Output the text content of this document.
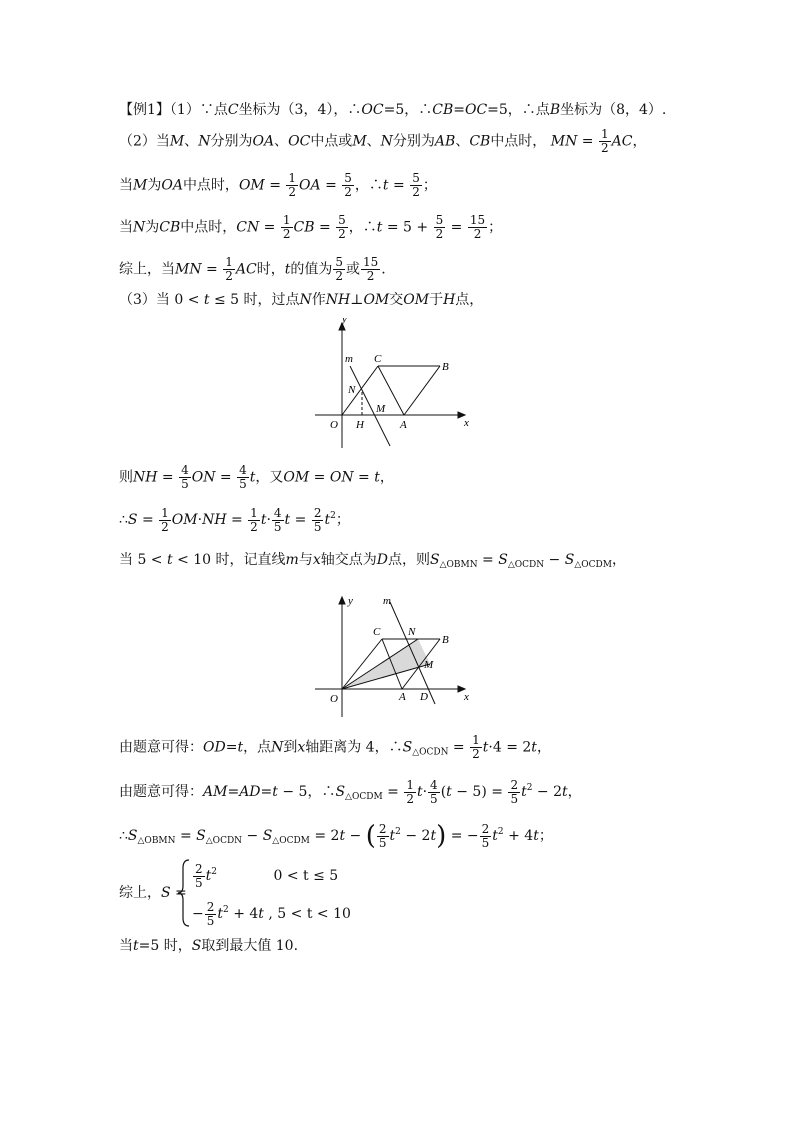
【例1】（1）∵点C坐标为（3，4），∴OC=5，∴CB=OC=5，∴点B坐标为（8，4）.
（2）当M、N分别为OA、OC中点或M、N分别为AB、CB中点时， MN = $\frac{1}{2}$ AC，
当M为OA中点时，OM = $\frac{1}{2}$ OA = $\frac{5}{2}$ ，∴t = $\frac{5}{2}$ ；
当N为CB中点时，CN = $\frac{1}{2}$ CB = $\frac{5}{2}$ ，∴t = $5 + \frac{5}{2} = \frac{15}{2}$ ；
综上，当MN = $\frac{1}{2}$ AC时，t的值为 $\frac{5}{2}$ 或 $\frac{15}{2}$ .
（3）当 0 < t ≤ 5 时，过点N作NH⊥OM交OM于H点，
y
x
m C
B
N
M
O H	A
则NH = $\frac{4}{5}$ ON = $\frac{4}{5}$ t，又OM = ON = t，
∴S = $\frac{1}{2} OM\cdot NH = \frac{1}{2} t\cdot \frac{4}{5}$ $t = \frac{2}{5} t^2$；
当 5 < t < 10 时，记直线m与x轴交点为D点，则$S_{\triangle OBMN} = S_{\triangle OCDN} - S_{\triangle OCDM}$，
y
x
m
C	N
B
M
O	A D
由题意可得：OD=t，点N到x轴距离为 4，$\therefore S_{\triangle OCDN} = \frac{1}{2} t\cdot 4 = 2t$，
由题意可得：AM=AD=t − 5，$\therefore S_{\triangle OCDM} = \frac{1}{2} t\cdot \frac{4}{5} (t - 5) = \frac{2}{5} t^2 - 2t$，
$\therefore S_{\triangle OBMN} = S_{\triangle OCDN} - S_{\triangle OCDM} = 2t$ − ( $\frac{2}{5} t^2 - 2t$) = − $\frac{2}{5} t^2 + 4t$；
综上，S =
$\frac{2}{5} t^2$	0 < t ≤ 5
− $\frac{2}{5} t^2 + 4t$ , 5 < t < 10
当t=5 时，S取到最大值 10.
